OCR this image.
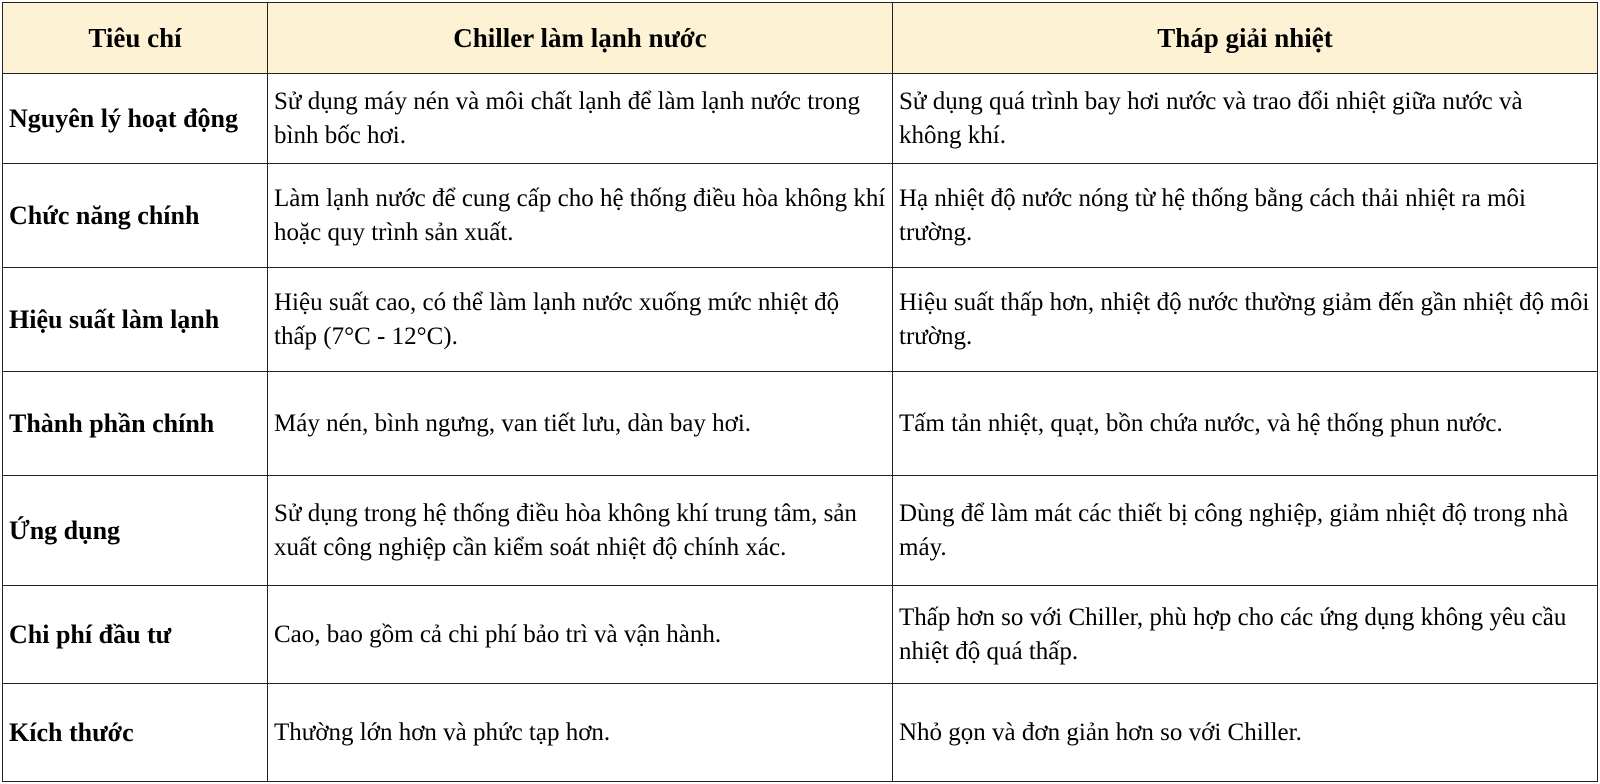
Tiêu chí	Chiller làm lạnh nước	Tháp giải nhiệt
Nguyên lý hoạt động	Sử dụng máy nén và môi chất lạnh để làm lạnh nước trong bình bốc hơi.	Sử dụng quá trình bay hơi nước và trao đổi nhiệt giữa nước và không khí.
Chức năng chính	Làm lạnh nước để cung cấp cho hệ thống điều hòa không khí hoặc quy trình sản xuất.	Hạ nhiệt độ nước nóng từ hệ thống bằng cách thải nhiệt ra môi trường.
Hiệu suất làm lạnh	Hiệu suất cao, có thể làm lạnh nước xuống mức nhiệt độ thấp (7°C - 12°C).	Hiệu suất thấp hơn, nhiệt độ nước thường giảm đến gần nhiệt độ môi trường.
Thành phần chính	Máy nén, bình ngưng, van tiết lưu, dàn bay hơi.	Tấm tản nhiệt, quạt, bồn chứa nước, và hệ thống phun nước.
Ứng dụng	Sử dụng trong hệ thống điều hòa không khí trung tâm, sản xuất công nghiệp cần kiểm soát nhiệt độ chính xác.	Dùng để làm mát các thiết bị công nghiệp, giảm nhiệt độ trong nhà máy.
Chi phí đầu tư	Cao, bao gồm cả chi phí bảo trì và vận hành.	Thấp hơn so với Chiller, phù hợp cho các ứng dụng không yêu cầu nhiệt độ quá thấp.
Kích thước	Thường lớn hơn và phức tạp hơn.	Nhỏ gọn và đơn giản hơn so với Chiller.
